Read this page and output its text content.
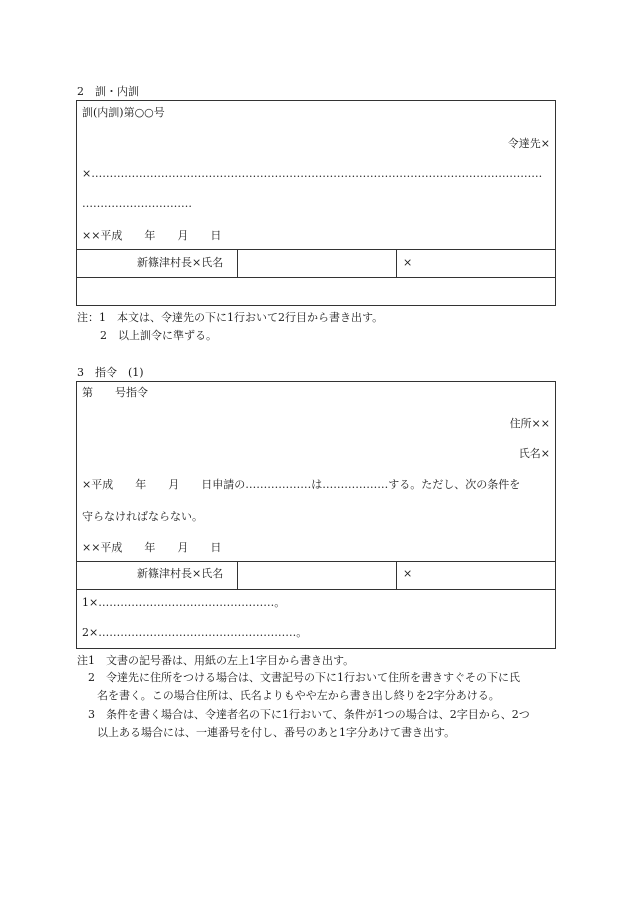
2　訓・内訓
訓(内訓)第○○号
令達先×
×……………………………………………………………………………………………………………
…………………………
××平成　　年　　月　　日
新篠津村長×氏名	×
注：1　本文は、令達先の下に1行おいて2行目から書き出す。
2　以上訓令に準ずる。
3　指令　(1)
第　　号指令
住所××
氏名×
×平成　　年　　月　　日申請の………………は………………する。ただし、次の条件を
守らなければならない。
××平成　　年　　月　　日
新篠津村長×氏名	×
1×…………………………………………。
2×………………………………………………。
注1　文書の記号番は、用紙の左上1字目から書き出す。
2　令達先に住所をつける場合は、文書記号の下に1行おいて住所を書きすぐその下に氏
名を書く。この場合住所は、氏名よりもやや左から書き出し終りを2字分あける。
3　条件を書く場合は、令達者名の下に1行おいて、条件が1つの場合は、2字目から、2つ
以上ある場合には、一連番号を付し、番号のあと1字分あけて書き出す。
